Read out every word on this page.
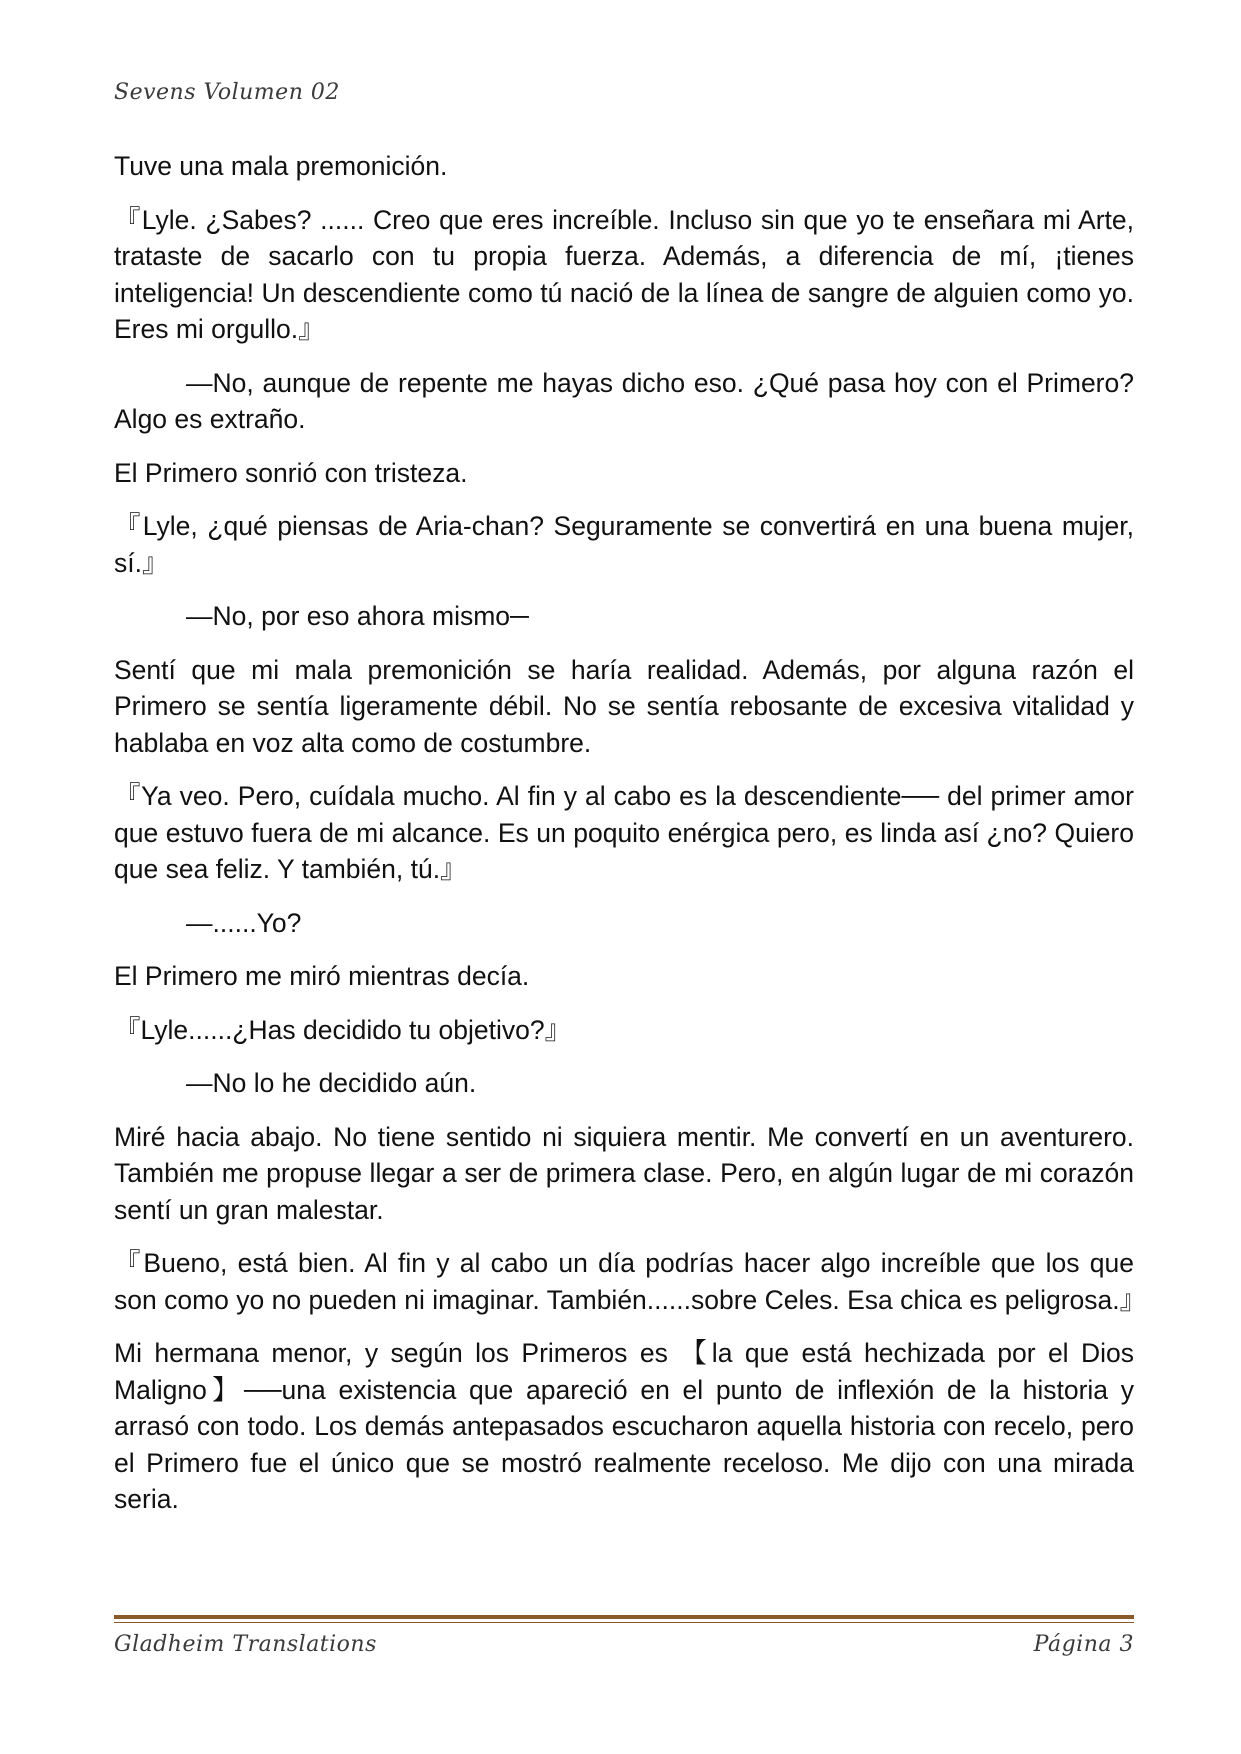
Sevens Volumen 02

Tuve una mala premonición.

『Lyle. ¿Sabes? ...... Creo que eres increíble. Incluso sin que yo te enseñara mi Arte, trataste de sacarlo con tu propia fuerza. Además, a diferencia de mí, ¡tienes inteligencia! Un descendiente como tú nació de la línea de sangre de alguien como yo. Eres mi orgullo.』

—No, aunque de repente me hayas dicho eso. ¿Qué pasa hoy con el Primero? Algo es extraño.

El Primero sonrió con tristeza.

『Lyle, ¿qué piensas de Aria-chan? Seguramente se convertirá en una buena mujer, sí.』

—No, por eso ahora mismo─

Sentí que mi mala premonición se haría realidad. Además, por alguna razón el Primero se sentía ligeramente débil. No se sentía rebosante de excesiva vitalidad y hablaba en voz alta como de costumbre.

『Ya veo. Pero, cuídala mucho. Al fin y al cabo es la descendiente── del primer amor que estuvo fuera de mi alcance. Es un poquito enérgica pero, es linda así ¿no? Quiero que sea feliz. Y también, tú.』

—......Yo?

El Primero me miró mientras decía.

『Lyle......¿Has decidido tu objetivo?』

—No lo he decidido aún.

Miré hacia abajo. No tiene sentido ni siquiera mentir. Me convertí en un aventurero. También me propuse llegar a ser de primera clase. Pero, en algún lugar de mi corazón sentí un gran malestar.

『Bueno, está bien. Al fin y al cabo un día podrías hacer algo increíble que los que son como yo no pueden ni imaginar. También......sobre Celes. Esa chica es peligrosa.』

Mi hermana menor, y según los Primeros es 【la que está hechizada por el Dios Maligno】──una existencia que apareció en el punto de inflexión de la historia y arrasó con todo. Los demás antepasados escucharon aquella historia con recelo, pero el Primero fue el único que se mostró realmente receloso. Me dijo con una mirada seria.

Gladheim Translations	Página 3
